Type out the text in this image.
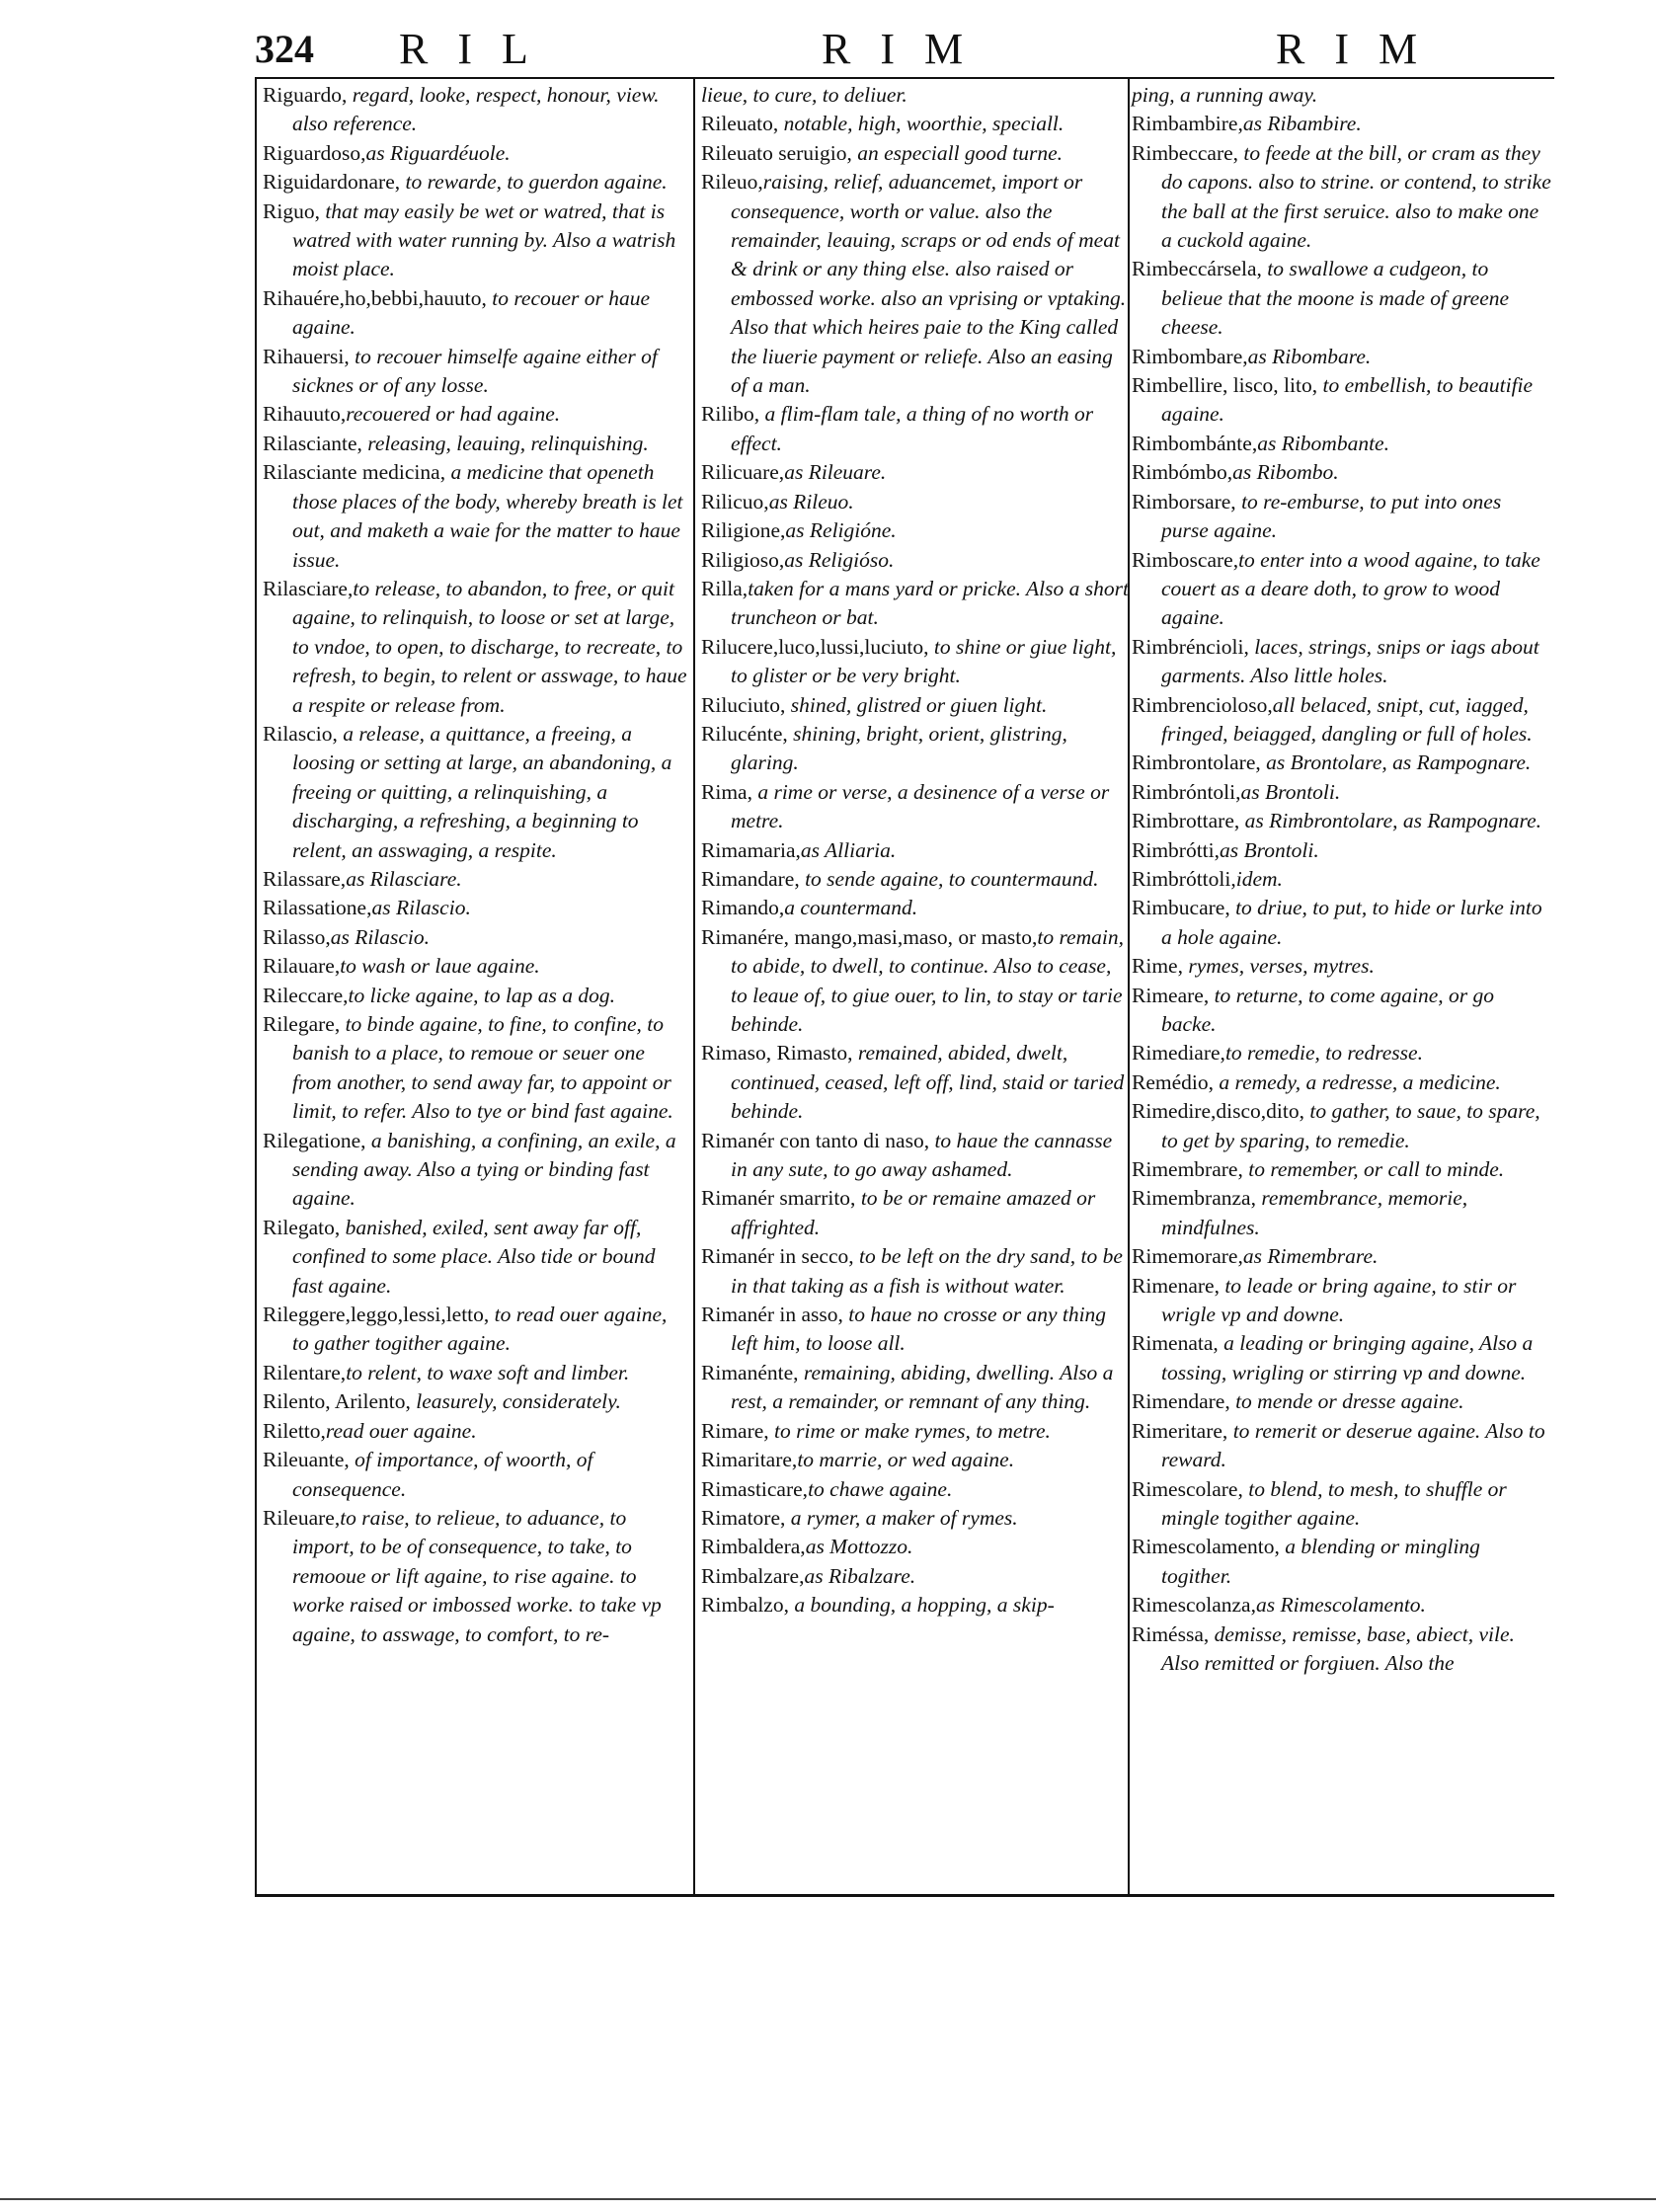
324 RIL	RIM	RIM

Riguardo, regard, looke, respect, honour, view. also reference.

Riguardoso,as Riguardéuole.

Riguidardonare, to rewarde, to guerdon againe.

Riguo, that may easily be wet or watred, that is watred with water running by. Also a watrish moist place.

Rihauére,ho,bebbi,hauuto, to recouer or haue againe.

Rihauersi, to recouer himselfe againe either of sicknes or of any losse.

Rihauuto,recouered or had againe.

Rilasciante, releasing, leauing, relinquishing.

Rilasciante medicina, a medicine that openeth those places of the body, whereby breath is let out, and maketh a waie for the matter to haue issue.

Rilasciare,to release, to abandon, to free, or quit againe, to relinquish, to loose or set at large, to vndoe, to open, to discharge, to recreate, to refresh, to begin, to relent or asswage, to haue a respite or release from.

Rilascio, a release, a quittance, a freeing, a loosing or setting at large, an abandoning, a freeing or quitting, a relinquishing, a discharging, a refreshing, a beginning to relent, an asswaging, a respite.

Rilassare,as Rilasciare.

Rilassatione,as Rilascio.

Rilasso,as Rilascio.

Rilauare,to wash or laue againe.

Rileccare,to licke againe, to lap as a dog.

Rilegare, to binde againe, to fine, to confine, to banish to a place, to remoue or seuer one from another, to send away far, to appoint or limit, to refer. Also to tye or bind fast againe.

Rilegatione, a banishing, a confining, an exile, a sending away. Also a tying or binding fast againe.

Rilegato, banished, exiled, sent away far off, confined to some place. Also tide or bound fast againe.

Rileggere,leggo,lessi,letto, to read ouer againe, to gather togither againe.

Rilentare,to relent, to waxe soft and limber.

Rilento, Arilento, leasurely, considerately.

Riletto,read ouer againe.

Rileuante, of importance, of woorth, of consequence.

Rileuare,to raise, to relieue, to aduance, to import, to be of consequence, to take, to remooue or lift againe, to rise againe. to worke raised or imbossed worke. to take vp againe, to asswage, to comfort, to re-

lieue, to cure, to deliuer.

Rileuato, notable, high, woorthie, speciall.

Rileuato seruigio, an especiall good turne.

Rileuo,raising, relief, aduancemet, import or consequence, worth or value. also the remainder, leauing, scraps or od ends of meat & drink or any thing else. also raised or embossed worke. also an vprising or vptaking. Also that which heires paie to the King called the liuerie payment or reliefe. Also an easing of a man.

Rilibo, a flim-flam tale, a thing of no worth or effect.

Rilicuare,as Rileuare.

Rilicuo,as Rileuo.

Riligione,as Religióne.

Riligioso,as Religióso.

Rilla,taken for a mans yard or pricke. Also a short truncheon or bat.

Rilucere,luco,lussi,luciuto, to shine or giue light, to glister or be very bright.

Riluciuto, shined, glistred or giuen light.

Rilucénte, shining, bright, orient, glistring, glaring.

Rima, a rime or verse, a desinence of a verse or metre.

Rimamaria,as Alliaria.

Rimandare, to sende againe, to countermaund.

Rimando,a countermand.

Rimanére, mango,masi,maso, or masto,to remain, to abide, to dwell, to continue. Also to cease, to leaue of, to giue ouer, to lin, to stay or tarie behinde.

Rimaso, Rimasto, remained, abided, dwelt, continued, ceased, left off, lind, staid or taried behinde.

Rimanér con tanto di naso, to haue the cannasse in any sute, to go away ashamed.

Rimanér smarrito, to be or remaine amazed or affrighted.

Rimanér in secco, to be left on the dry sand, to be in that taking as a fish is without water.

Rimanér in asso, to haue no crosse or any thing left him, to loose all.

Rimanénte, remaining, abiding, dwelling. Also a rest, a remainder, or remnant of any thing.

Rimare, to rime or make rymes, to metre.

Rimaritare,to marrie, or wed againe.

Rimasticare,to chawe againe.

Rimatore, a rymer, a maker of rymes.

Rimbaldera,as Mottozzo.

Rimbalzare,as Ribalzare.

Rimbalzo, a bounding, a hopping, a skip-

ping, a running away.

Rimbambire,as Ribambire.

Rimbeccare, to feede at the bill, or cram as they do capons. also to strine. or contend, to strike the ball at the first seruice. also to make one a cuckold againe.

Rimbeccársela, to swallowe a cudgeon, to belieue that the moone is made of greene cheese.

Rimbombare,as Ribombare.

Rimbellire, lisco, lito, to embellish, to beautifie againe.

Rimbombánte,as Ribombante.

Rimbómbo,as Ribombo.

Rimborsare, to re-emburse, to put into ones purse againe.

Rimboscare,to enter into a wood againe, to take couert as a deare doth, to grow to wood againe.

Rimbréncioli, laces, strings, snips or iags about garments. Also little holes.

Rimbrencioloso,all belaced, snipt, cut, iagged, fringed, beiagged, dangling or full of holes.

Rimbrontolare, as Brontolare, as Rampognare.

Rimbróntoli,as Brontoli.

Rimbrottare, as Rimbrontolare, as Rampognare.

Rimbrótti,as Brontoli.

Rimbróttoli,idem.

Rimbucare, to driue, to put, to hide or lurke into a hole againe.

Rime, rymes, verses, mytres.

Rimeare, to returne, to come againe, or go backe.

Rimediare,to remedie, to redresse.

Remédio, a remedy, a redresse, a medicine.

Rimedire,disco,dito, to gather, to saue, to spare, to get by sparing, to remedie.

Rimembrare, to remember, or call to minde.

Rimembranza, remembrance, memorie, mindfulnes.

Rimemorare,as Rimembrare.

Rimenare, to leade or bring againe, to stir or wrigle vp and downe.

Rimenata, a leading or bringing againe, Also a tossing, wrigling or stirring vp and downe.

Rimendare, to mende or dresse againe.

Rimeritare, to remerit or deserue againe. Also to reward.

Rimescolare, to blend, to mesh, to shuffle or mingle togither againe.

Rimescolamento, a blending or mingling togither.

Rimescolanza,as Rimescolamento.

Riméssa, demisse, remisse, base, abiect, vile. Also remitted or forgiuen. Also the
